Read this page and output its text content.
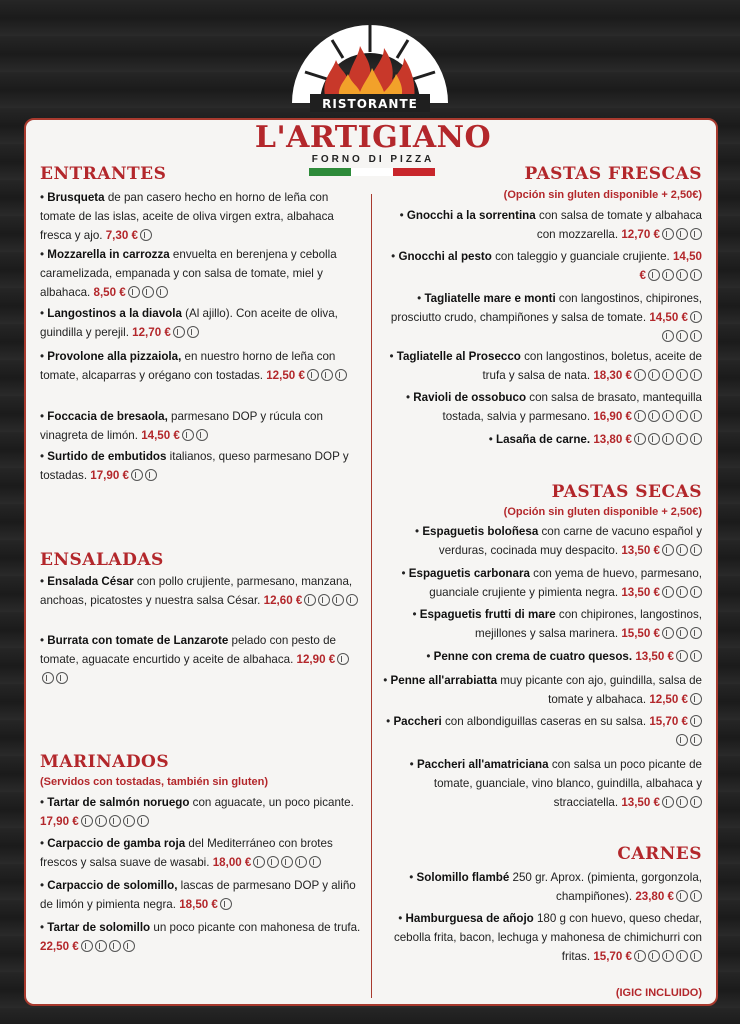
RISTORANTE
L'ARTIGIANO
FORNO DI PIZZA
ENTRANTES
• Brusqueta de pan casero hecho en horno de leña con tomate de las islas, aceite de oliva virgen extra, albahaca fresca y ajo. 7,30 €
• Mozzarella in carrozza envuelta en berenjena y cebolla caramelizada, empanada y con salsa de tomate, miel y albahaca. 8,50 €
• Langostinos a la diavola (Al ajillo). Con aceite de oliva, guindilla y perejil. 12,70 €
• Provolone alla pizzaiola, en nuestro horno de leña con tomate, alcaparras y orégano con tostadas. 12,50 €
• Foccacia de bresaola, parmesano DOP y rúcula con vinagreta de limón. 14,50 €
• Surtido de embutidos italianos, queso parmesano DOP y tostadas. 17,90 €
ENSALADAS
• Ensalada César con pollo crujiente, parmesano, manzana, anchoas, picatostes y nuestra salsa César. 12,60 €
• Burrata con tomate de Lanzarote pelado con pesto de tomate, aguacate encurtido y aceite de albahaca. 12,90 €
MARINADOS
(Servidos con tostadas, también sin gluten)
• Tartar de salmón noruego con aguacate, un poco picante. 17,90 €
• Carpaccio de gamba roja del Mediterráneo con brotes frescos y salsa suave de wasabi. 18,00 €
• Carpaccio de solomillo, lascas de parmesano DOP y aliño de limón y pimienta negra. 18,50 €
• Tartar de solomillo un poco picante con mahonesa de trufa. 22,50 €
PASTAS FRESCAS
(Opción sin gluten disponible + 2,50€)
• Gnocchi a la sorrentina con salsa de tomate y albahaca con mozzarella. 12,70 €
• Gnocchi al pesto con taleggio y guanciale crujiente. 14,50 €
• Tagliatelle mare e monti con langostinos, chipirones, prosciutto crudo, champiñones y salsa de tomate. 14,50 €
• Tagliatelle al Prosecco con langostinos, boletus, aceite de trufa y salsa de nata. 18,30 €
• Ravioli de ossobuco con salsa de brasato, mantequilla tostada, salvia y parmesano. 16,90 €
• Lasaña de carne. 13,80 €
PASTAS SECAS
(Opción sin gluten disponible + 2,50€)
• Espaguetis boloñesa con carne de vacuno español y verduras, cocinada muy despacito. 13,50 €
• Espaguetis carbonara con yema de huevo, parmesano, guanciale crujiente y pimienta negra. 13,50 €
• Espaguetis frutti di mare con chipirones, langostinos, mejillones y salsa marinera. 15,50 €
• Penne con crema de cuatro quesos. 13,50 €
• Penne all'arrabiatta muy picante con ajo, guindilla, salsa de tomate y albahaca. 12,50 €
• Paccheri con albondiguillas caseras en su salsa. 15,70 €
• Paccheri all'amatriciana con salsa un poco picante de tomate, guanciale, vino blanco, guindilla, albahaca y stracciatella. 13,50 €
CARNES
• Solomillo flambé 250 gr. Aprox. (pimienta, gorgonzola, champiñones). 23,80 €
• Hamburguesa de añojo 180 g con huevo, queso chedar, cebolla frita, bacon, lechuga y mahonesa de chimichurri con fritas. 15,70 €
(IGIC INCLUIDO)
